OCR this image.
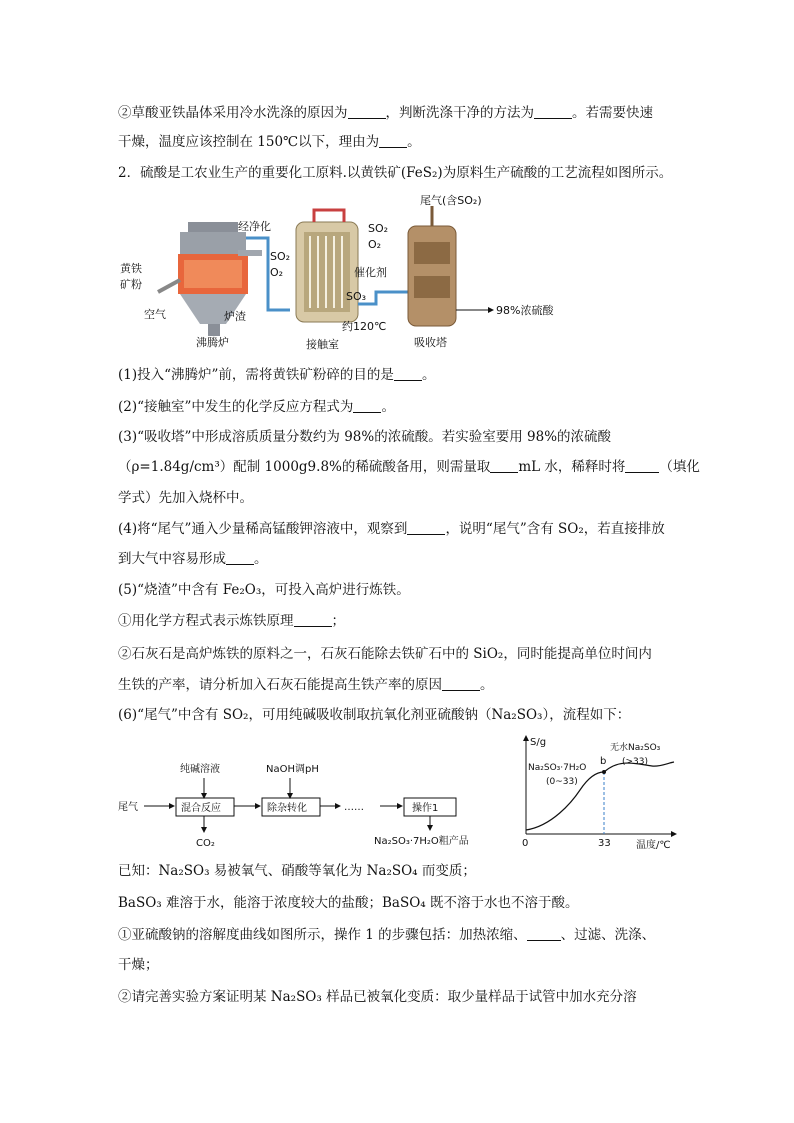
②草酸亚铁晶体采用冷水洗涤的原因为	，判断洗涤干净的方法为	。若需要快速
干燥，温度应该控制在 150℃以下，理由为 。
2．硫酸是工农业生产的重要化工原料.以黄铁矿(FeS₂)为原料生产硫酸的工艺流程如图所示。
尾气(含SO₂)
经净化	SO₂
O₂
SO₂
O₂	催化剂
SO₃
黄铁
矿粉
空气	炉渣
约120℃
98%浓硫酸
沸腾炉	接触室	吸收塔
(1)投入“沸腾炉”前，需将黄铁矿粉碎的目的是 。
(2)“接触室”中发生的化学反应方程式为 。
(3)“吸收塔”中形成溶质质量分数约为 98%的浓硫酸。若实验室要用 98%的浓硫酸
（ρ=1.84g/cm³）配制 1000g9.8%的稀硫酸备用，则需量取 mL 水，稀释时将	（填化
学式）先加入烧杯中。
(4)将“尾气”通入少量稀高锰酸钾溶液中，观察到	，说明“尾气”含有 SO₂，若直接排放
到大气中容易形成 。
(5)“烧渣”中含有 Fe₂O₃，可投入高炉进行炼铁。
①用化学方程式表示炼铁原理	；
②石灰石是高炉炼铁的原料之一，石灰石能除去铁矿石中的 SiO₂，同时能提高单位时间内
生铁的产率，请分析加入石灰石能提高生铁产率的原因	。
(6)“尾气”中含有 SO₂，可用纯碱吸收制取抗氧化剂亚硫酸钠（Na₂SO₃），流程如下：
纯碱溶液	NaOH调pH
尾气	混合反应	除杂转化	……	操作1
CO₂	Na₂SO₃·7H₂O粗产品
S/g
0	33	温度/℃
b
Na₂SO₃·7H₂O
(0~33)
无水Na₂SO₃
(>33)
已知：Na₂SO₃ 易被氧气、硝酸等氧化为 Na₂SO₄ 而变质；
BaSO₃ 难溶于水，能溶于浓度较大的盐酸；BaSO₄ 既不溶于水也不溶于酸。
①亚硫酸钠的溶解度曲线如图所示，操作 1 的步骤包括：加热浓缩、	、过滤、洗涤、
干燥；
②请完善实验方案证明某 Na₂SO₃ 样品已被氧化变质：取少量样品于试管中加水充分溶
